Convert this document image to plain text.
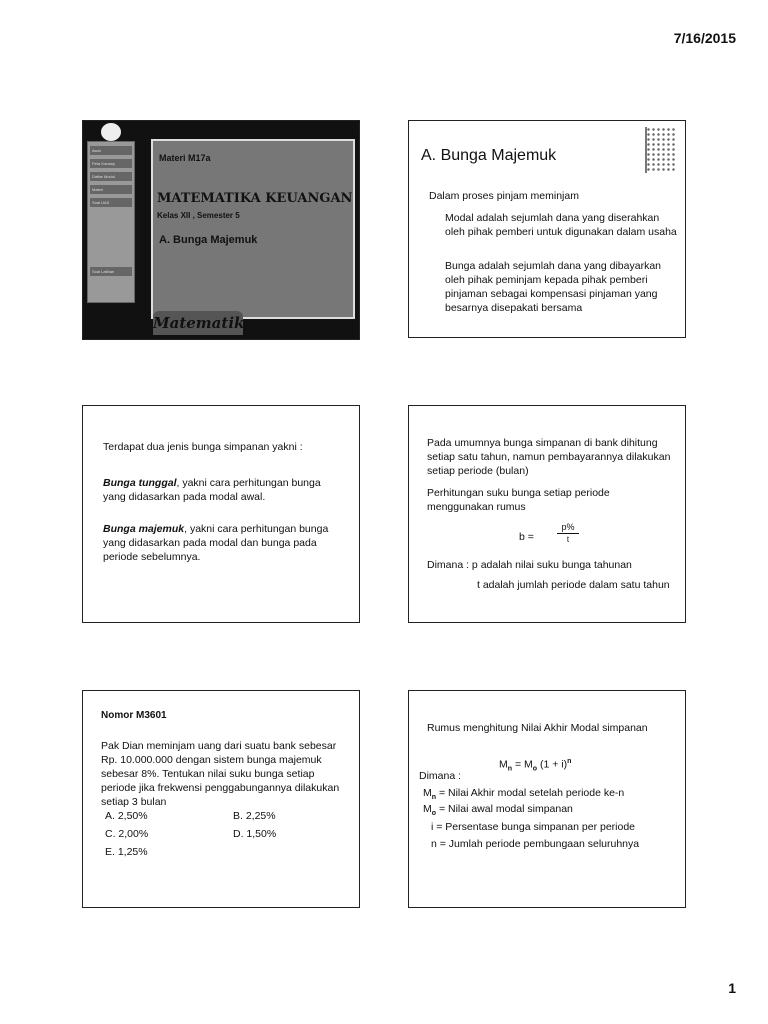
7/16/2015
Awal
Peta Konsep
Daftar Modul
Materi
Soal UAS
Soal Latihan
Materi M17a
MATEMATIKA KEUANGAN
Kelas XII , Semester 5
A. Bunga Majemuk
Matematika
A. Bunga Majemuk
Dalam proses pinjam meminjam
Modal adalah sejumlah dana yang diserahkan oleh pihak pemberi untuk digunakan dalam usaha
Bunga adalah sejumlah dana yang dibayarkan oleh pihak peminjam kepada pihak pemberi pinjaman sebagai kompensasi pinjaman yang besarnya disepakati bersama
Terdapat dua jenis bunga simpanan yakni :
Bunga tunggal, yakni cara perhitungan bunga yang didasarkan pada modal awal.
Bunga majemuk, yakni cara perhitungan bunga yang didasarkan pada modal dan bunga pada periode sebelumnya.
Pada umumnya bunga simpanan di bank dihitung setiap satu tahun, namun pembayarannya dilakukan setiap periode (bulan)
Perhitungan suku bunga setiap periode menggunakan rumus
b =
p%
t
Dimana : p adalah nilai suku bunga tahunan
t adalah jumlah periode dalam satu tahun
Nomor M3601
Pak Dian meminjam uang dari suatu bank sebesar Rp. 10.000.000 dengan sistem bunga majemuk sebesar 8%. Tentukan nilai suku bunga setiap periode jika frekwensi penggabungannya dilakukan setiap 3 bulan
A. 2,50%	B. 2,25%
C. 2,00%	D. 1,50%
E. 1,25%
Rumus menghitung Nilai Akhir Modal simpanan
$M_n = M_o$ $(1 + i)^n$
Dimana :
$M_n$ = Nilai Akhir modal setelah periode ke-n
$M_o$ = Nilai awal modal simpanan
i = Persentase bunga simpanan per periode
n = Jumlah periode pembungaan seluruhnya
1
